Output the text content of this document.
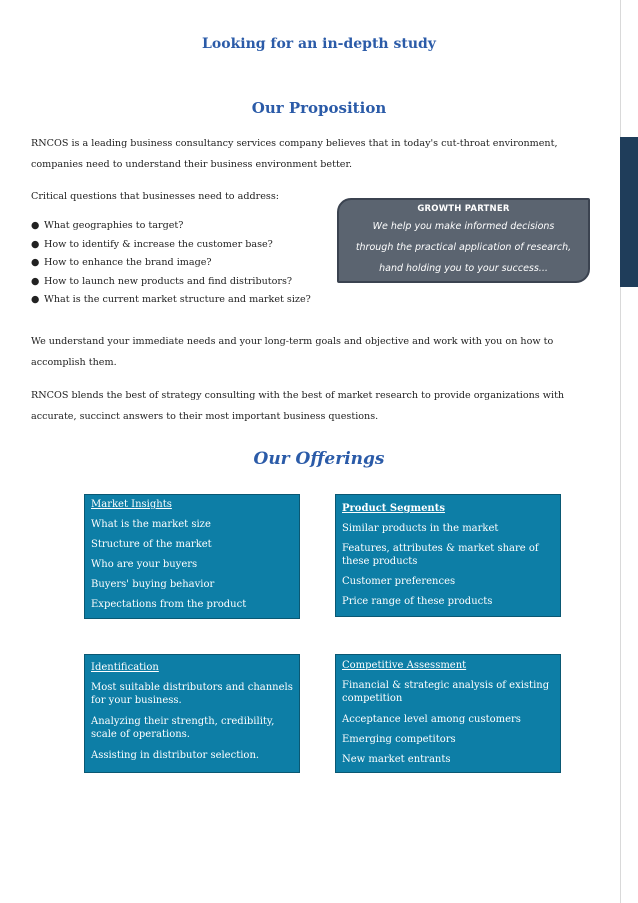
Looking for an in-depth study
Our Proposition

RNCOS is a leading business consultancy services company believes that in today's cut-throat environment, companies need to understand their business environment better.

Critical questions that businesses need to address:

● What geographies to target?
● How to identify & increase the customer base?
● How to enhance the brand image?
● How to launch new products and find distributors?
● What is the current market structure and market size?
GROWTH PARTNER
We help you make informed decisions
through the practical application of research,
hand holding you to your success...

We understand your immediate needs and your long-term goals and objective and work with you on how to accomplish them.

RNCOS blends the best of strategy consulting with the best of market research to provide organizations with accurate, succinct answers to their most important business questions.

Our Offerings
Market Insights
What is the market size
Structure of the market
Who are your buyers
Buyers' buying behavior
Expectations from the product
Product Segments
Similar products in the market
Features, attributes & market share of these products
Customer preferences
Price range of these products
Identification
Most suitable distributors and channels for your business.
Analyzing their strength, credibility, scale of operations.
Assisting in distributor selection.
Competitive Assessment
Financial & strategic analysis of existing competition
Acceptance level among customers
Emerging competitors
New market entrants
